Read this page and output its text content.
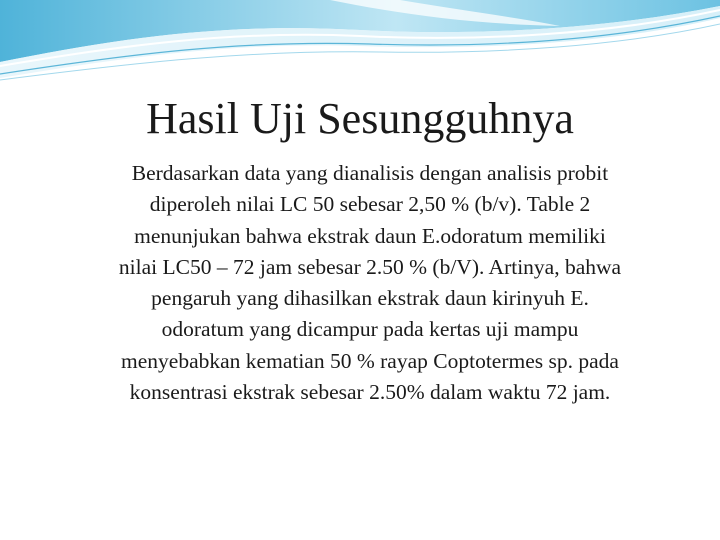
Hasil Uji Sesungguhnya
Berdasarkan data yang dianalisis dengan analisis probit
diperoleh nilai LC 50 sebesar 2,50 % (b/v). Table 2
menunjukan bahwa ekstrak daun E.odoratum memiliki
nilai LC50 – 72 jam sebesar 2.50 % (b/V). Artinya, bahwa
pengaruh yang dihasilkan ekstrak daun kirinyuh E.
odoratum yang dicampur pada kertas uji mampu
menyebabkan kematian 50 % rayap Coptotermes sp. pada
konsentrasi ekstrak sebesar 2.50% dalam waktu 72 jam.
